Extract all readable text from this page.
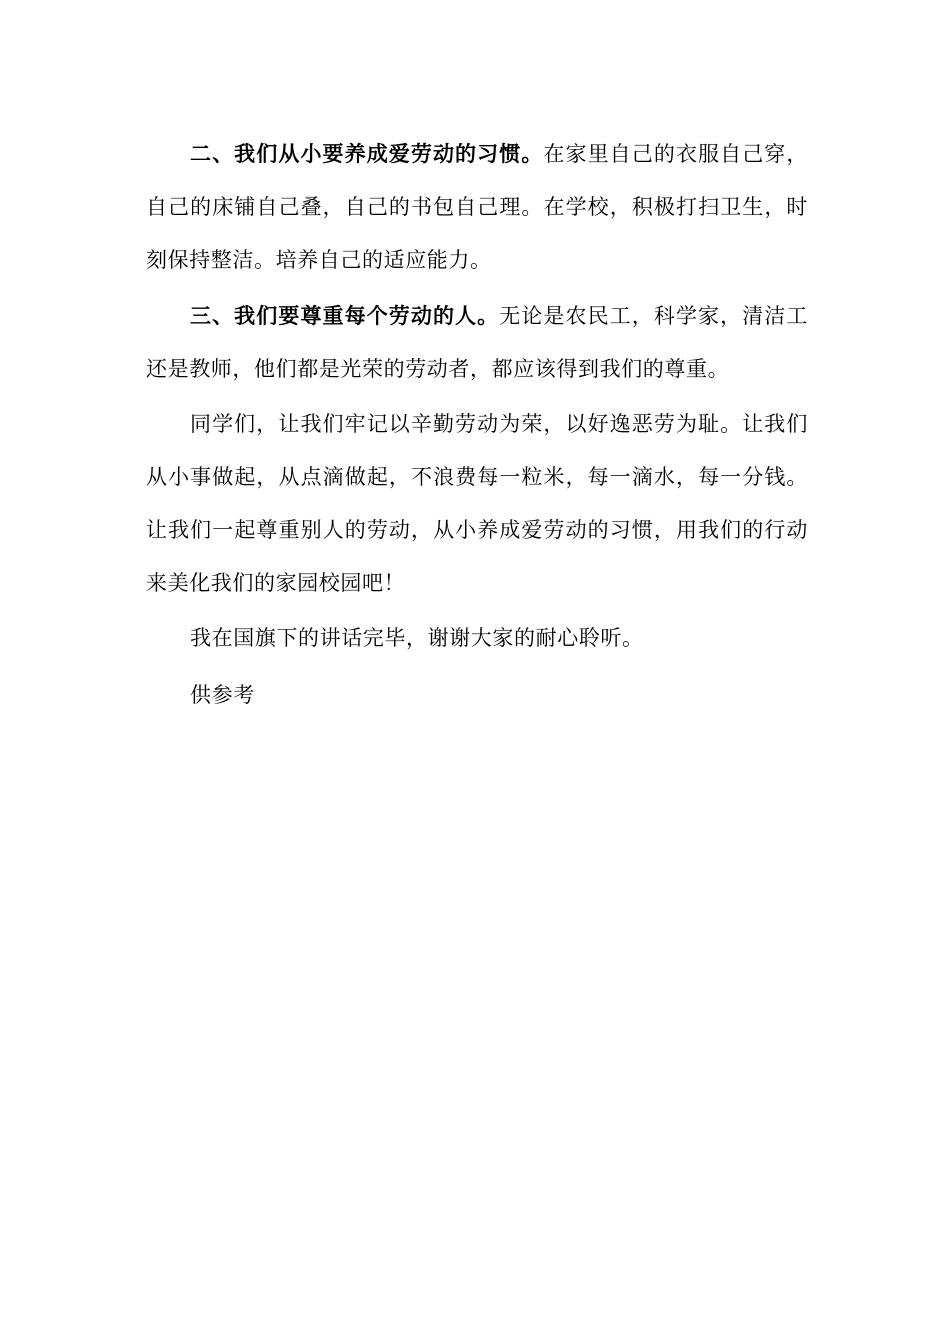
二、我们从小要养成爱劳动的习惯。在家里自己的衣服自己穿，自己的床铺自己叠，自己的书包自己理。在学校，积极打扫卫生，时刻保持整洁。培养自己的适应能力。

三、我们要尊重每个劳动的人。无论是农民工，科学家，清洁工还是教师，他们都是光荣的劳动者，都应该得到我们的尊重。

同学们，让我们牢记以辛勤劳动为荣，以好逸恶劳为耻。让我们从小事做起，从点滴做起，不浪费每一粒米，每一滴水，每一分钱。让我们一起尊重别人的劳动，从小养成爱劳动的习惯，用我们的行动来美化我们的家园校园吧！

我在国旗下的讲话完毕，谢谢大家的耐心聆听。

供参考
